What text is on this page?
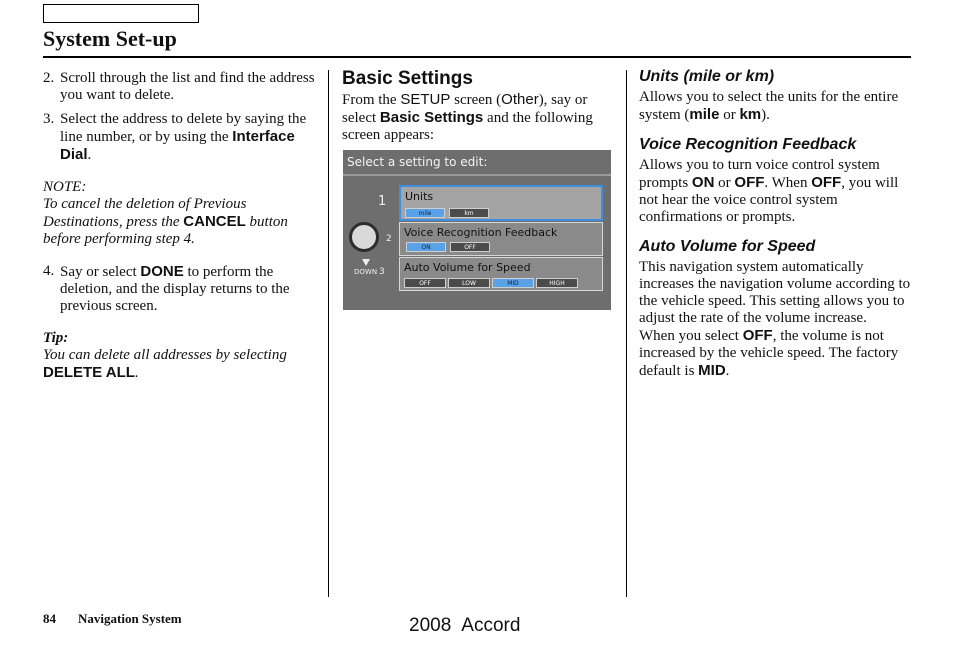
System Set-up
2. Scroll through the list and find the address you want to delete.
3. Select the address to delete by saying the line number, or by using the Interface Dial.

NOTE:

To cancel the deletion of Previous Destinations, press the CANCEL button before performing step 4.

4. Say or select DONE to perform the deletion, and the display returns to the previous screen.

Tip:

You can delete all addresses by selecting DELETE ALL.

Basic Settings

From the SETUP screen (Other), say or select Basic Settings and the following screen appears:

Select a setting to edit:
1
2
DOWN 3
Units
mile	km
Voice Recognition Feedback
ON	OFF
Auto Volume for Speed
OFF	LOW	MID	HIGH

Units (mile or km)

Allows you to select the units for the entire system (mile or km).

Voice Recognition Feedback

Allows you to turn voice control system prompts ON or OFF. When OFF, you will not hear the voice control system confirmations or prompts.

Auto Volume for Speed

This navigation system automatically increases the navigation volume according to the vehicle speed. This setting allows you to adjust the rate of the volume increase.

When you select OFF, the volume is not increased by the vehicle speed. The factory default is MID.

84 Navigation System	2008 Accord
